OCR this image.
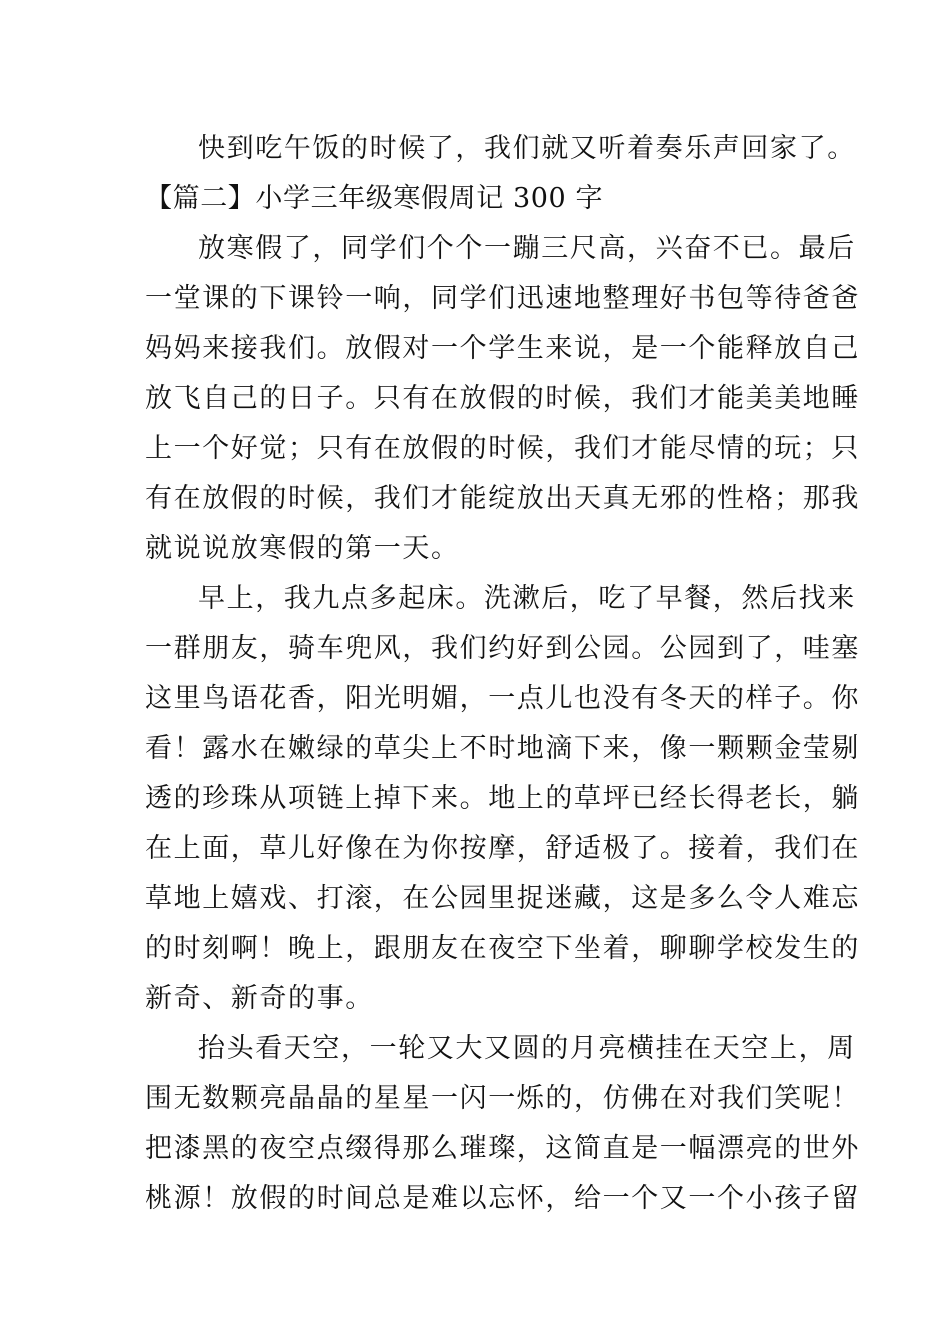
快到吃午饭的时候了，我们就又听着奏乐声回家了。
【篇二】小学三年级寒假周记 300 字
放寒假了，同学们个个一蹦三尺高，兴奋不已。最后
一堂课的下课铃一响，同学们迅速地整理好书包等待爸爸
妈妈来接我们。放假对一个学生来说，是一个能释放自己
放飞自己的日子。只有在放假的时候，我们才能美美地睡
上一个好觉；只有在放假的时候，我们才能尽情的玩；只
有在放假的时候，我们才能绽放出天真无邪的性格；那我
就说说放寒假的第一天。
早上，我九点多起床。洗漱后，吃了早餐，然后找来
一群朋友，骑车兜风，我们约好到公园。公园到了，哇塞
这里鸟语花香，阳光明媚，一点儿也没有冬天的样子。你
看！露水在嫩绿的草尖上不时地滴下来，像一颗颗金莹剔
透的珍珠从项链上掉下来。地上的草坪已经长得老长，躺
在上面，草儿好像在为你按摩，舒适极了。接着，我们在
草地上嬉戏、打滚，在公园里捉迷藏，这是多么令人难忘
的时刻啊！晚上，跟朋友在夜空下坐着，聊聊学校发生的
新奇、新奇的事。
抬头看天空，一轮又大又圆的月亮横挂在天空上，周
围无数颗亮晶晶的星星一闪一烁的，仿佛在对我们笑呢！
把漆黑的夜空点缀得那么璀璨，这简直是一幅漂亮的世外
桃源！放假的时间总是难以忘怀，给一个又一个小孩子留
